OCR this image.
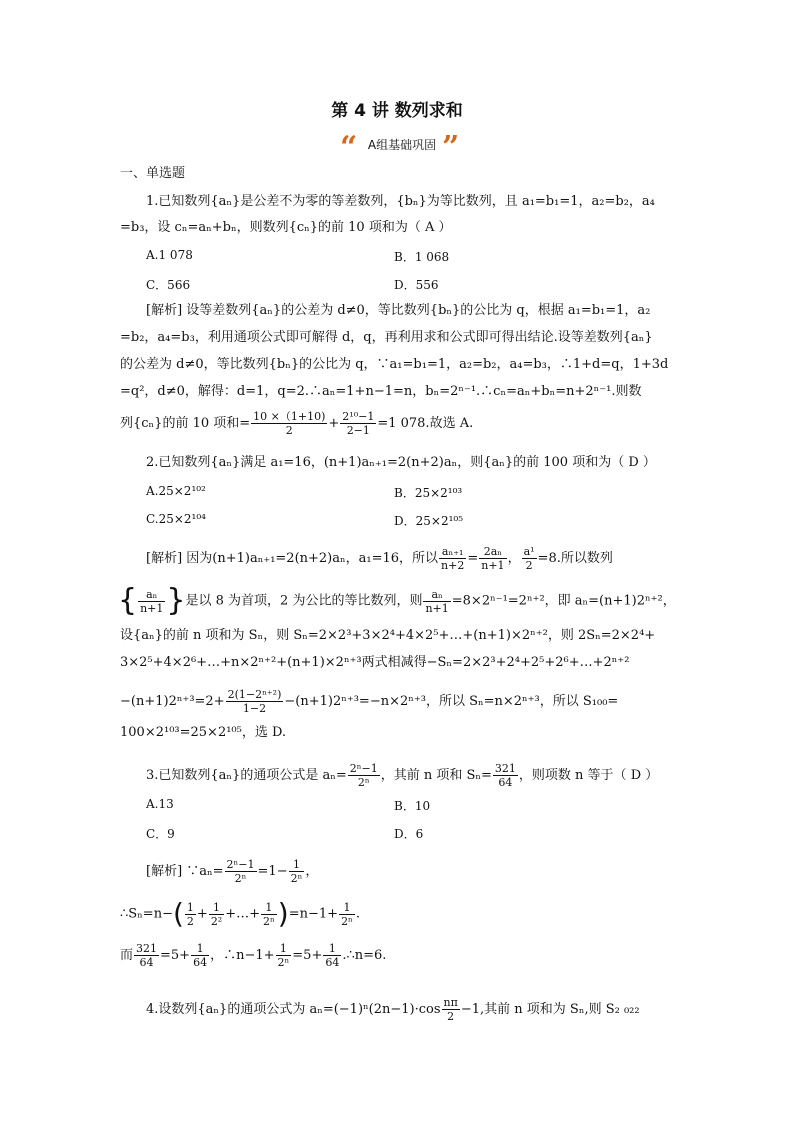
第 4 讲 数列求和
“ A组基础巩固 ”
一、单选题
1.已知数列{aₙ}是公差不为零的等差数列，{bₙ}为等比数列，且 a₁=b₁=1，a₂=b₂，a₄
=b₃，设 cₙ=aₙ+bₙ，则数列{cₙ}的前 10 项和为（ A ）
A.1 078	B．1 068
C．566	D．556
[解析] 设等差数列{aₙ}的公差为 d≠0，等比数列{bₙ}的公比为 q，根据 a₁=b₁=1，a₂
=b₂，a₄=b₃，利用通项公式即可解得 d，q，再利用求和公式即可得出结论.设等差数列{aₙ}
的公差为 d≠0，等比数列{bₙ}的公比为 q，∵a₁=b₁=1，a₂=b₂，a₄=b₃，∴1+d=q，1+3d
=q²，d≠0，解得：d=1，q=2.∴aₙ=1+n−1=n，bₙ=2ⁿ⁻¹.∴cₙ=aₙ+bₙ=n+2ⁿ⁻¹.则数
列{cₙ}的前 10 项和= $\frac{10 \times(1+10)}{2} + \frac{\text{2¹⁰−1}}{2-1} =1$ 078.故选 A.
2.已知数列{aₙ}满足 a₁=16，(n+1)aₙ₊₁=2(n+2)aₙ，则{aₙ}的前 100 项和为（ D ）
A.25×2¹⁰²	B．25×2¹⁰³
C.25×2¹⁰⁴	D．25×2¹⁰⁵
[解析] 因为(n+1)aₙ₊₁=2(n+2)aₙ，a₁=16，所以 $\frac{\text{aₙ₊₁}}{n+2} = \frac{\text{2aₙ}}{n+1}$ ， $\frac{\text{a¹}}{2} =8$.所以数列
{ $\frac{\text{aₙ}}{n+1}$ }是以 8 为首项，2 为公比的等比数列，则 $\frac{\text{aₙ}}{n+1} =8\times 2^{n-1}=2^{n+2}$，即 aₙ=(n+1)2ⁿ⁺²，
设{aₙ}的前 n 项和为 Sₙ，则 Sₙ=2×2³+3×2⁴+4×2⁵+…+(n+1)×2ⁿ⁺²，则 2Sₙ=2×2⁴+
3×2⁵+4×2⁶+…+n×2ⁿ⁺²+(n+1)×2ⁿ⁺³两式相减得−Sₙ=2×2³+2⁴+2⁵+2⁶+…+2ⁿ⁺²
$-(n+1)2^{n+3}=2+ \frac{\text{2(1−2ⁿ⁺²)}}{1-2} -(n+1)2^{n+3}=-n\times 2^{n+3}$，所以 Sₙ=n×2ⁿ⁺³，所以 S₁₀₀=
100×2¹⁰³=25×2¹⁰⁵，选 D.
3.已知数列{aₙ}的通项公式是 $a_n= \frac{\text{2ⁿ−1}}{\text{2ⁿ}}$ ，其前 n 项和 $S_n= \frac{321}{64}$ ，则项数 n 等于（ D ）
A.13	B．10
C．9	D．6
[解析] ∵aₙ= $\frac{\text{2ⁿ−1}}{\text{2ⁿ}} =1- \frac{1}{\text{2ⁿ}}$ ，
∴Sₙ=n−( $\frac{1}{2} + \frac{1}{\text{2²}}$ +…+ $\frac{1}{\text{2ⁿ}} )=n-1+ \frac{1}{\text{2ⁿ}}$ .
而 $\frac{321}{64} =5+ \frac{1}{64}$ ，∴n−1+ $\frac{1}{\text{2ⁿ}} =5+ \frac{1}{64}$ .∴n=6.
4.设数列{aₙ}的通项公式为 $a_n=(-1)^n(2n-1)\cdot\cos \frac{n\pi}{2} -1$,其前 n 项和为 Sₙ,则 S₂ ₀₂₂
